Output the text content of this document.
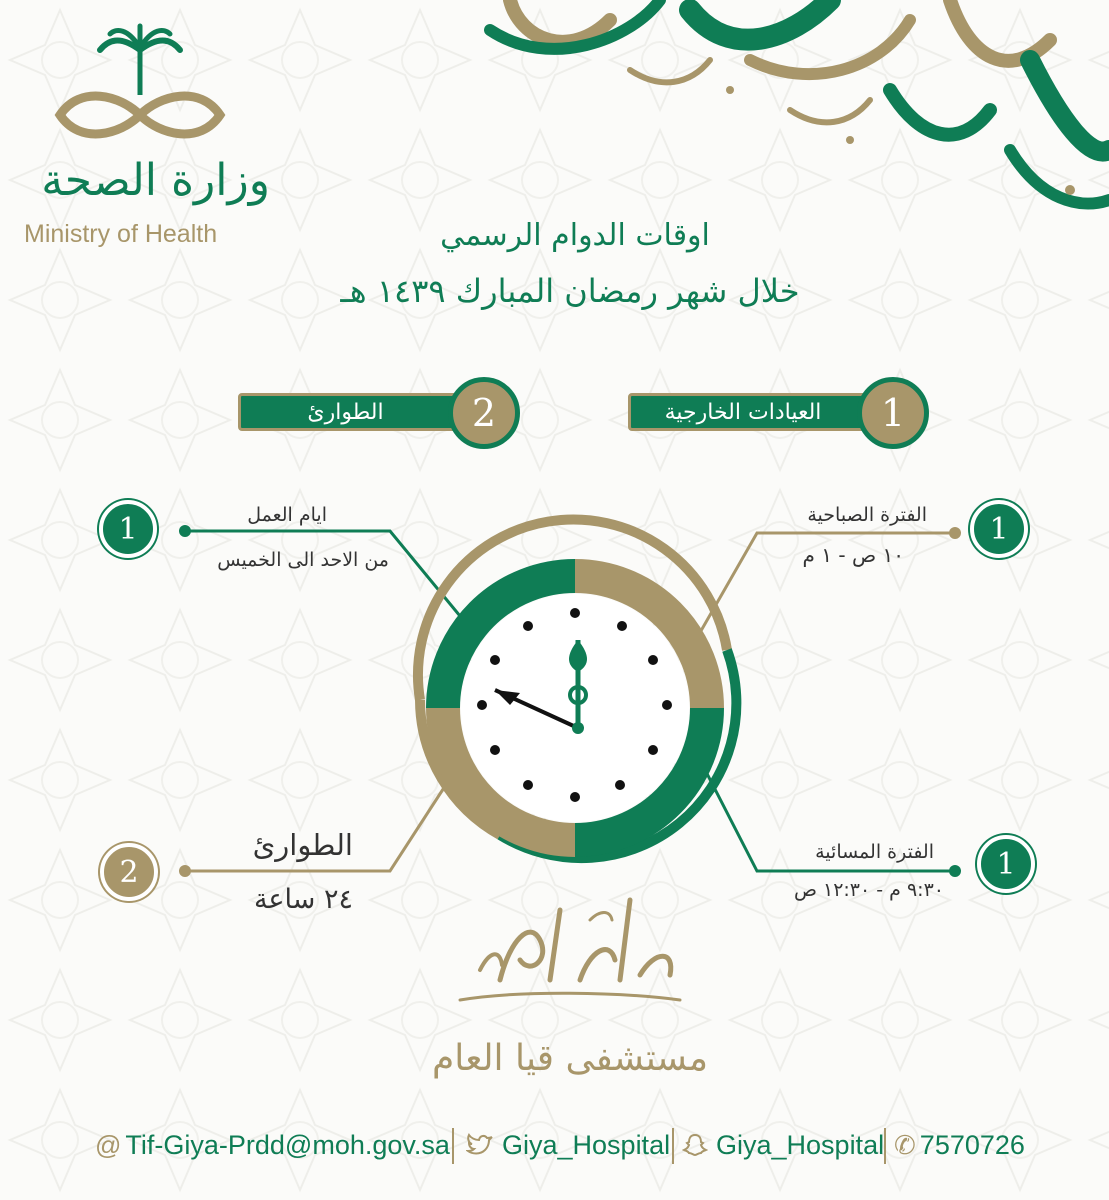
وزارة الصحة
Ministry of Health	اوقات الدوام الرسمي
خلال شهر رمضان المبارك ١٤٣٩ هـ
العيادات الخارجية	1
الطوارئ	2
1	1
1
2
ايام العمل
من الاحد الى الخميس
الفترة الصباحية
١٠ ص - ١ م
الفترة المسائية
٩:٣٠ م - ١٢:٣٠ ص
الطوارئ
٢٤ ساعة
مستشفى قيا العام
@ Tif-Giya-Prdd@moh.gov.sa Giya_Hospital Giya_Hospital ✆ 7570726
